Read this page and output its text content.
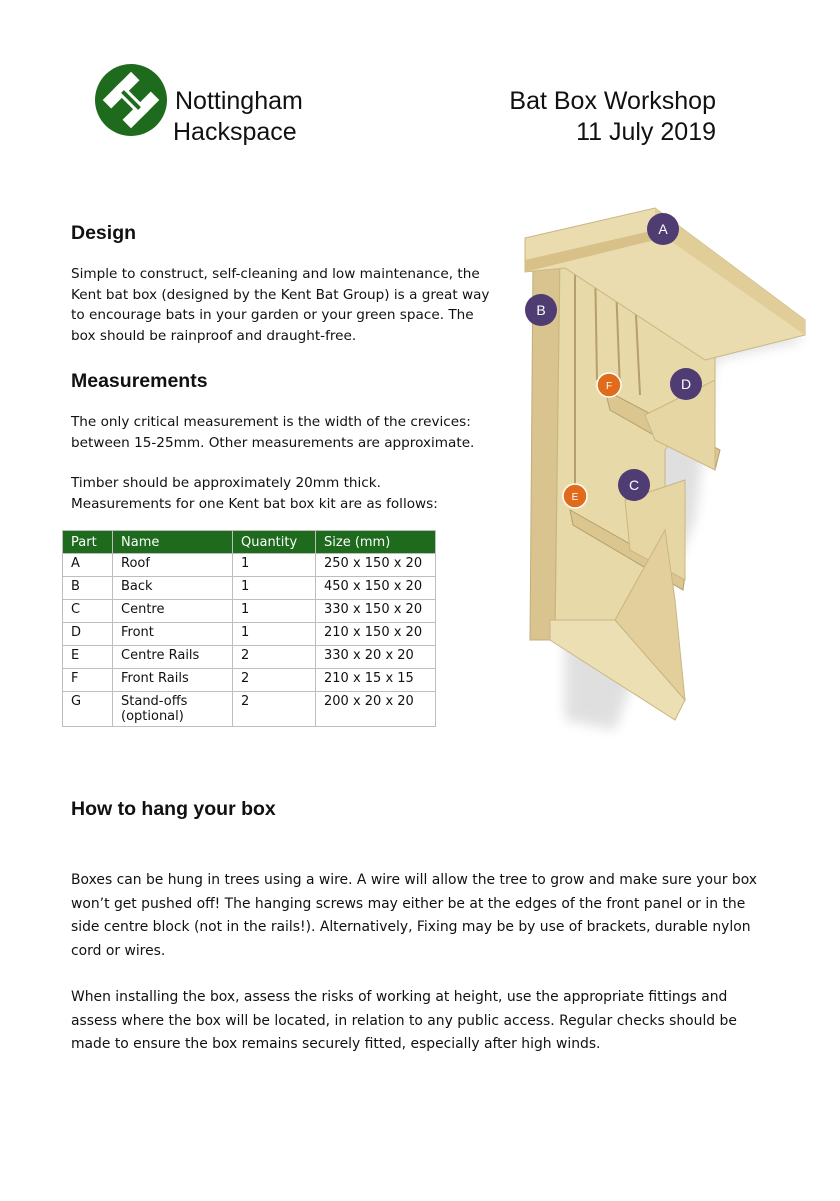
Nottingham
Hackspace
Bat Box Workshop
11 July 2019
Design

Simple to construct, self-cleaning and low maintenance, the
Kent bat box (designed by the Kent Bat Group) is a great way
to encourage bats in your garden or your green space. The
box should be rainproof and draught-free.

Measurements

The only critical measurement is the width of the crevices:
between 15-25mm. Other measurements are approximate.

Timber should be approximately 20mm thick.
Measurements for one Kent bat box kit are as follows:

Part	Name	Quantity	Size (mm)
A	Roof	1	250 x 150 x 20
B	Back	1	450 x 150 x 20
C	Centre	1	330 x 150 x 20
D	Front	1	210 x 150 x 20
E	Centre Rails	2	330 x 20 x 20
F	Front Rails	2	210 x 15 x 15
G	Stand-offs
(optional)	2	200 x 20 x 20
A
B
D
C
F
E
How to hang your box

Boxes can be hung in trees using a wire. A wire will allow the tree to grow and make sure your box
won’t get pushed off! The hanging screws may either be at the edges of the front panel or in the
side centre block (not in the rails!). Alternatively, Fixing may be by use of brackets, durable nylon
cord or wires.

When installing the box, assess the risks of working at height, use the appropriate fittings and
assess where the box will be located, in relation to any public access. Regular checks should be
made to ensure the box remains securely fitted, especially after high winds.
